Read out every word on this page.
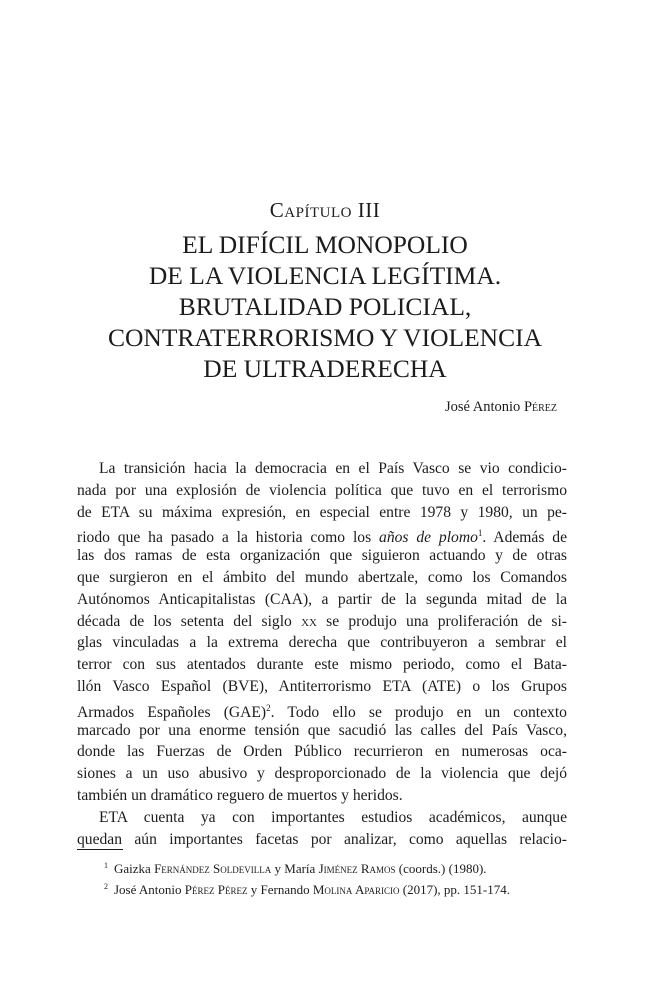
Capítulo III
EL DIFÍCIL MONOPOLIO
DE LA VIOLENCIA LEGÍTIMA.
BRUTALIDAD POLICIAL,
CONTRATERRORISMO Y VIOLENCIA
DE ULTRADERECHA
José Antonio Pérez
La transición hacia la democracia en el País Vasco se vio condicio-
nada por una explosión de violencia política que tuvo en el terrorismo
de ETA su máxima expresión, en especial entre 1978 y 1980, un pe-
riodo que ha pasado a la historia como los años de plomo$^1$. Además de
las dos ramas de esta organización que siguieron actuando y de otras
que surgieron en el ámbito del mundo abertzale, como los Comandos
Autónomos Anticapitalistas (CAA), a partir de la segunda mitad de la
década de los setenta del siglo xx se produjo una proliferación de si-
glas vinculadas a la extrema derecha que contribuyeron a sembrar el
terror con sus atentados durante este mismo periodo, como el Bata-
llón Vasco Español (BVE), Antiterrorismo ETA (ATE) o los Grupos
Armados Españoles (GAE)$^2$. Todo ello se produjo en un contexto
marcado por una enorme tensión que sacudió las calles del País Vasco,
donde las Fuerzas de Orden Público recurrieron en numerosas oca-
siones a un uso abusivo y desproporcionado de la violencia que dejó
también un dramático reguero de muertos y heridos.
ETA cuenta ya con importantes estudios académicos, aunque
quedan aún importantes facetas por analizar, como aquellas relacio-
$^1$ Gaizka Fernández Soldevilla y María Jiménez Ramos (coords.) (1980).
$^2$ José Antonio Pérez Pérez y Fernando Molina Aparicio (2017), pp. 151-174.
